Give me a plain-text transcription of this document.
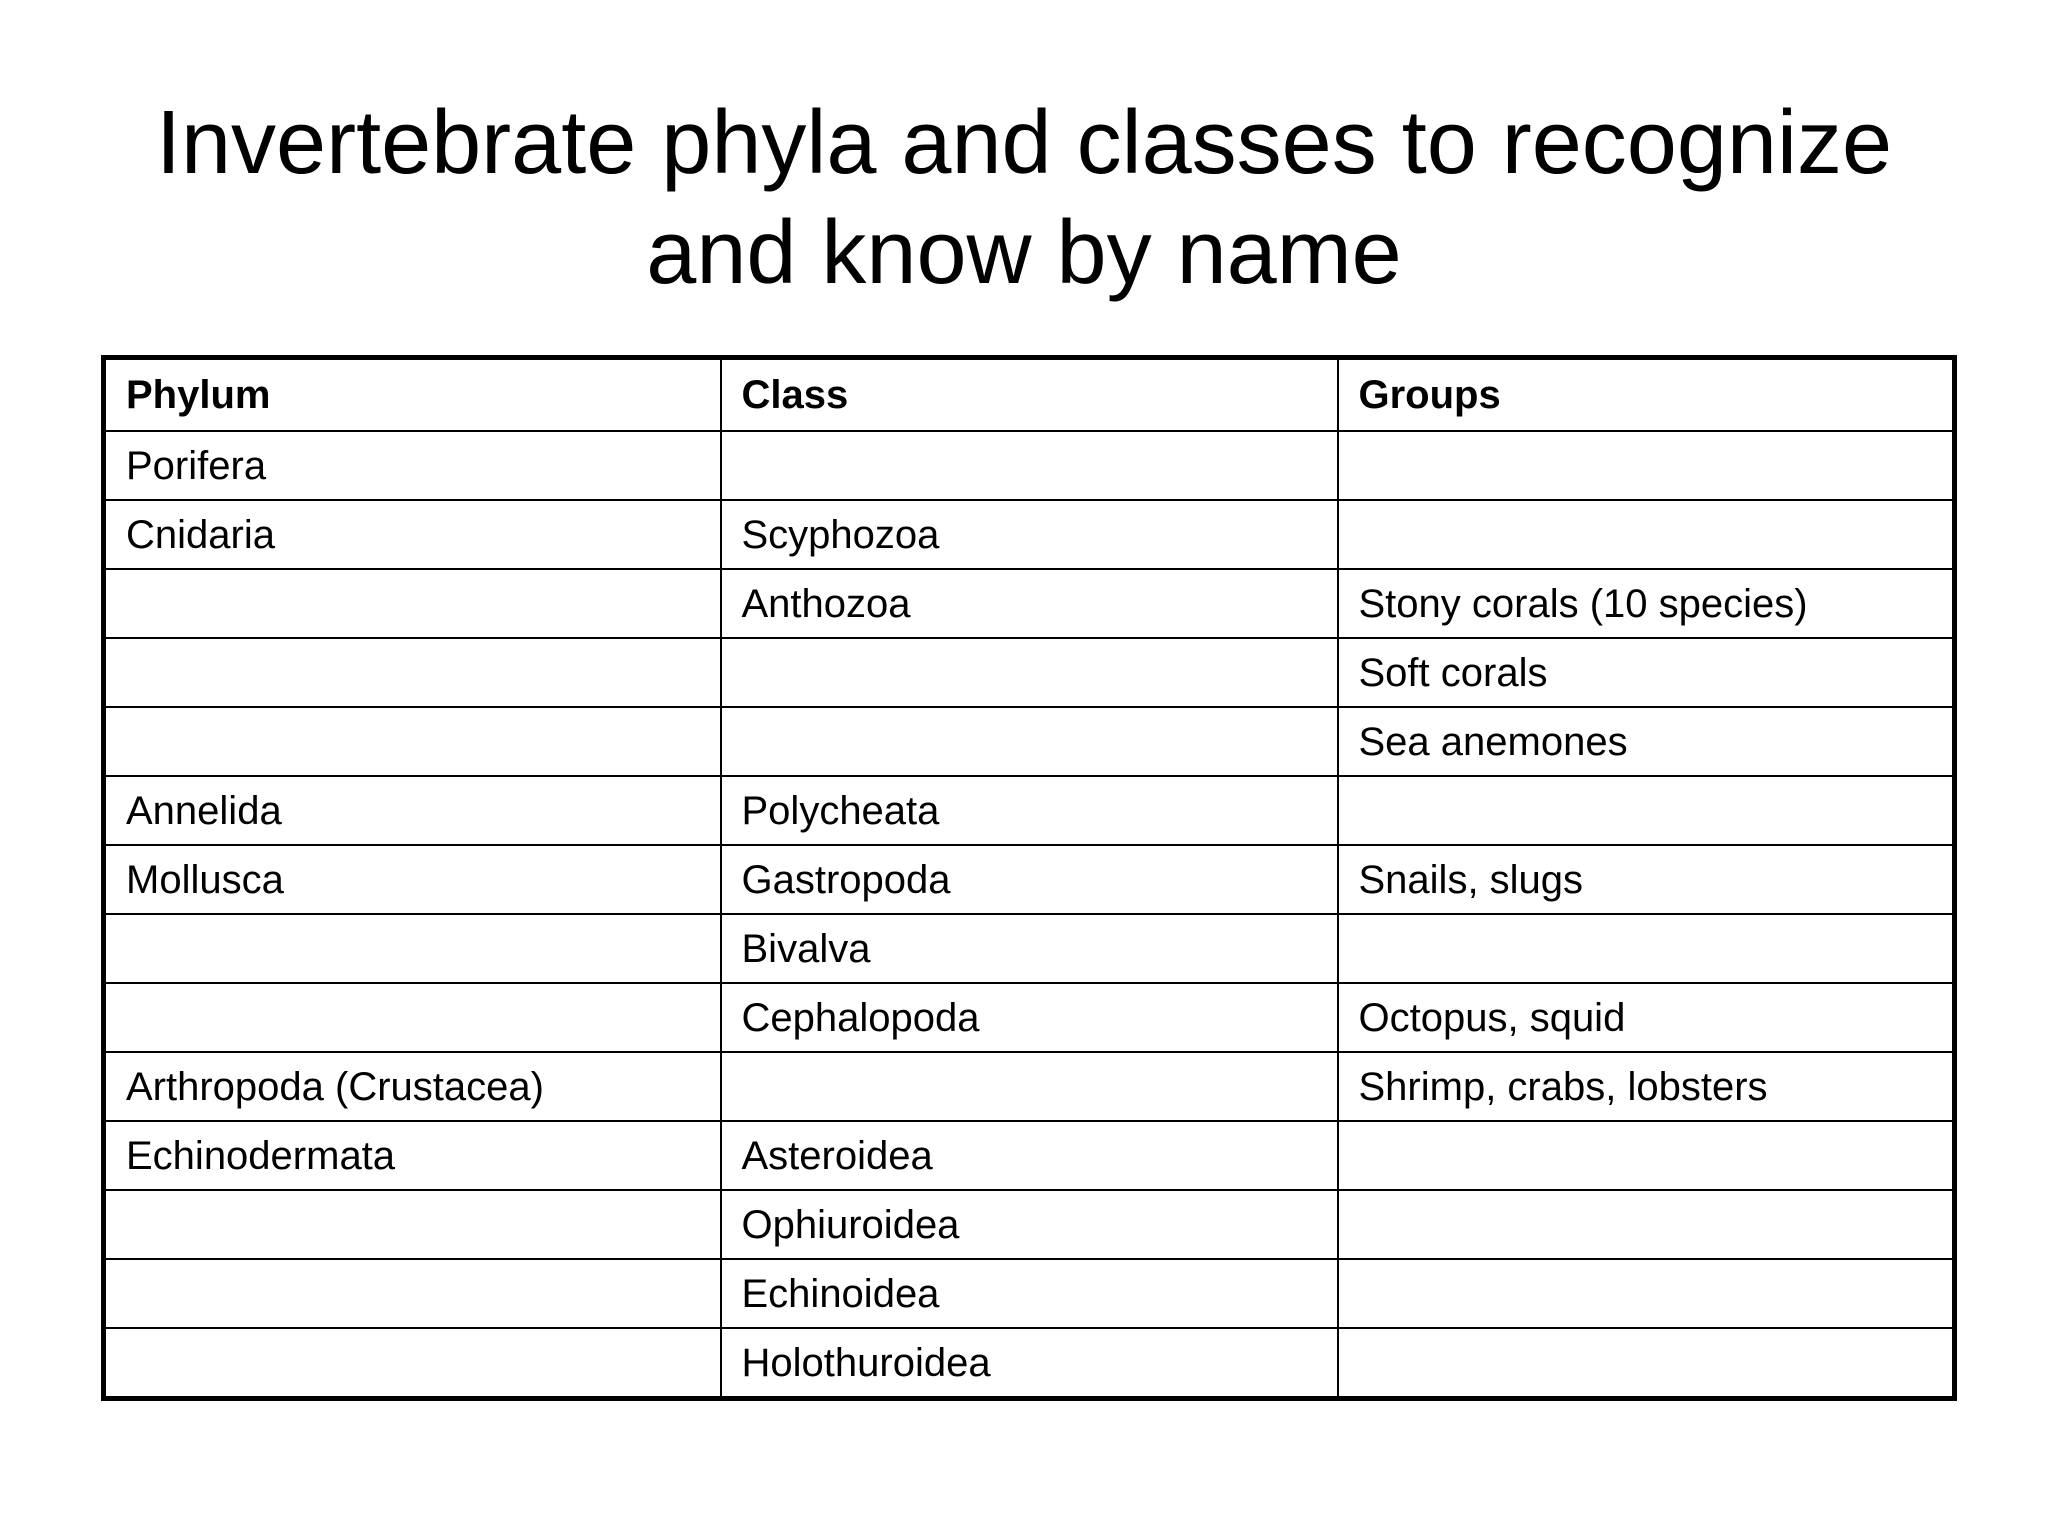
Invertebrate phyla and classes to recognize
and know by name
Phylum	Class	Groups
Porifera		
Cnidaria	Scyphozoa	
	Anthozoa	Stony corals (10 species)
		Soft corals
		Sea anemones
Annelida	Polycheata	
Mollusca	Gastropoda	Snails, slugs
	Bivalva	
	Cephalopoda	Octopus, squid
Arthropoda (Crustacea)		Shrimp, crabs, lobsters
Echinodermata	Asteroidea	
	Ophiuroidea	
	Echinoidea	
	Holothuroidea	
